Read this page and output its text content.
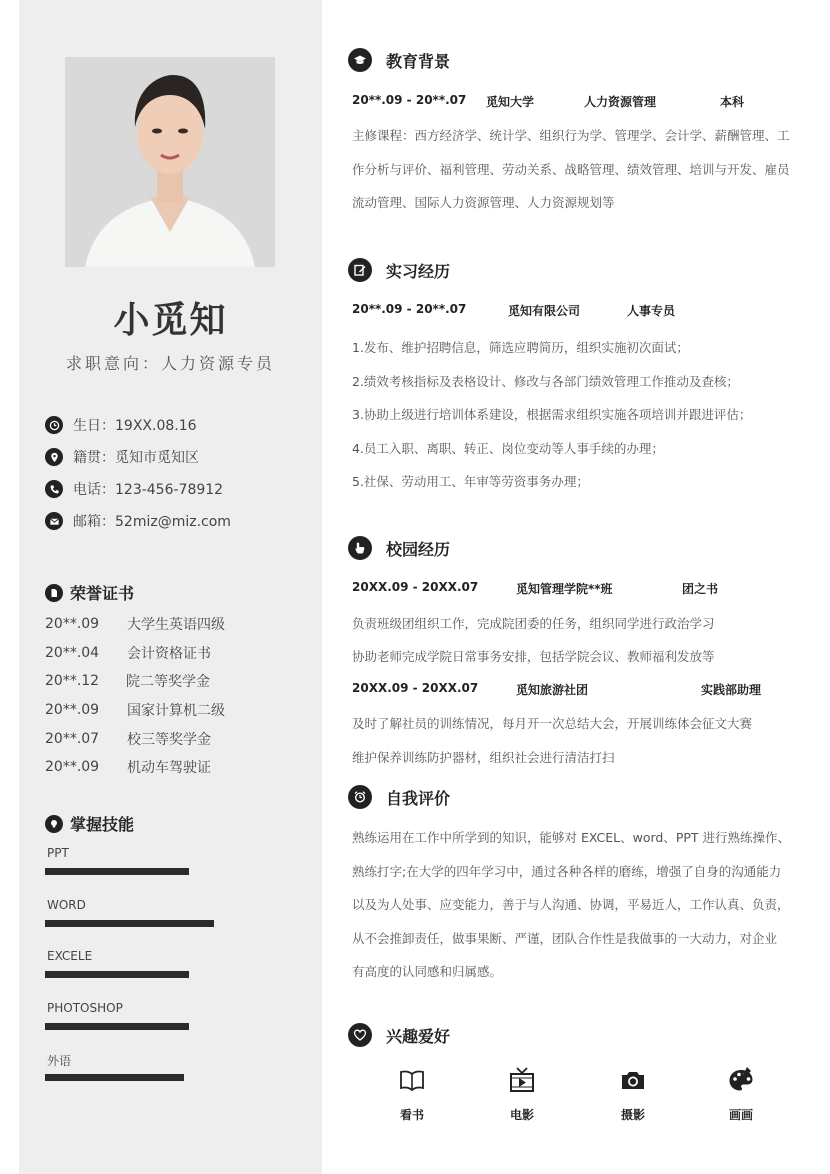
小觅知
求职意向：人力资源专员
生日：19XX.08.16
籍贯：觅知市觅知区
电话：123-456-78912
邮箱：52miz@miz.com
荣誉证书
20**.09	大学生英语四级
20**.04	会计资格证书
20**.12	院二等奖学金
20**.09	国家计算机二级
20**.07	校三等奖学金
20**.09	机动车驾驶证
掌握技能
PPT
WORD
EXCELE
PHOTOSHOP
外语
教育背景
20**.09 - 20**.07 觅知大学	人力资源管理	本科
主修课程：西方经济学、统计学、组织行为学、管理学、会计学、薪酬管理、工
作分析与评价、福利管理、劳动关系、战略管理、绩效管理、培训与开发、雇员
流动管理、国际人力资源管理、人力资源规划等
实习经历
20**.09 - 20**.07	觅知有限公司	人事专员
1.发布、维护招聘信息，筛选应聘简历，组织实施初次面试；
2.绩效考核指标及表格设计、修改与各部门绩效管理工作推动及查核；
3.协助上级进行培训体系建设，根据需求组织实施各项培训并跟进评估；
4.员工入职、离职、转正、岗位变动等人事手续的办理；
5.社保、劳动用工、年审等劳资事务办理；
校园经历
20XX.09 - 20XX.07	觅知管理学院**班	团之书
负责班级团组织工作，完成院团委的任务，组织同学进行政治学习
协助老师完成学院日常事务安排，包括学院会议、教师福利发放等
20XX.09 - 20XX.07	觅知旅游社团	实践部助理
及时了解社员的训练情况，每月开一次总结大会，开展训练体会征文大赛
维护保养训练防护器材，组织社会进行清洁打扫
自我评价
熟练运用在工作中所学到的知识，能够对 EXCEL、word、PPT 进行熟练操作、
熟练打字;在大学的四年学习中，通过各种各样的磨练，增强了自身的沟通能力
以及为人处事、应变能力，善于与人沟通、协调，平易近人，工作认真、负责，
从不会推卸责任，做事果断、严谨，团队合作性是我做事的一大动力，对企业
有高度的认同感和归属感。
兴趣爱好
看书	电影	摄影	画画
